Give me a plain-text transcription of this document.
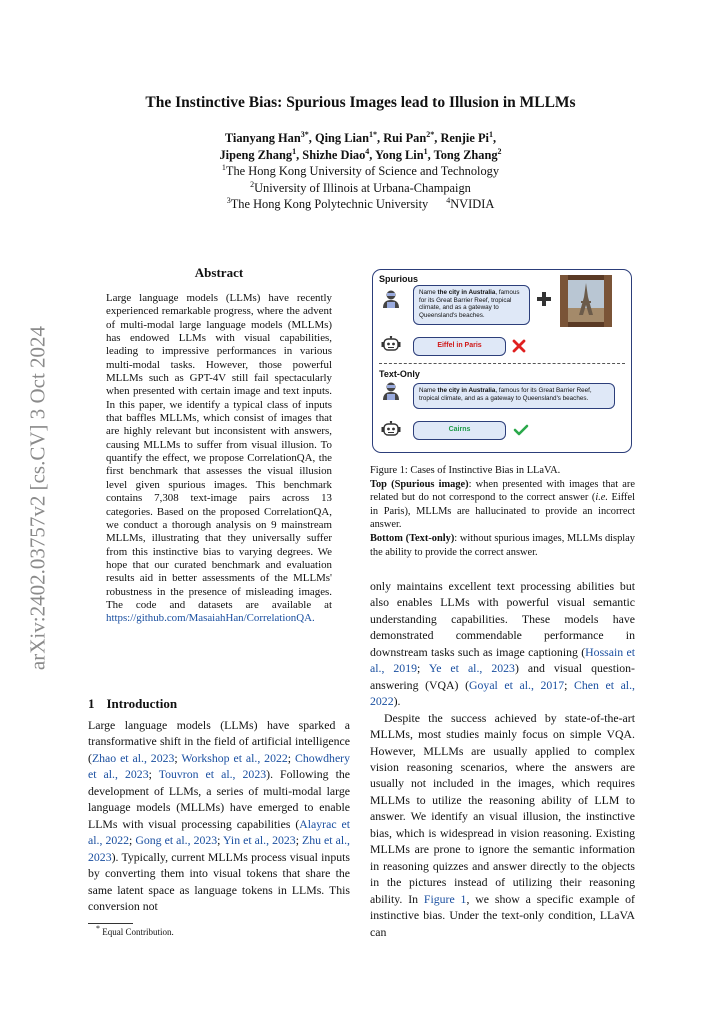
The Instinctive Bias: Spurious Images lead to Illusion in MLLMs
Tianyang Han$^{3*}$, Qing Lian$^{1*}$, Rui Pan$^{2*}$, Renjie Pi$^1$,
Jipeng Zhang$^1$, Shizhe Diao$^4$, Yong Lin$^1$, Tong Zhang$^2$
$^1$The Hong Kong University of Science and Technology
$^2$University of Illinois at Urbana-Champaign
$^3$The Hong Kong Polytechnic University $^4$NVIDIA
arXiv:2402.03757v2 [cs.CV] 3 Oct 2024
Abstract
Large language models (LLMs) have recently experienced remarkable progress, where the advent of multi-modal large language models (MLLMs) has endowed LLMs with visual capabilities, leading to impressive performances in various multi-modal tasks. However, those powerful MLLMs such as GPT-4V still fail spectacularly when presented with certain image and text inputs. In this paper, we identify a typical class of inputs that baffles MLLMs, which consist of images that are highly relevant but inconsistent with answers, causing MLLMs to suffer from visual illusion. To quantify the effect, we propose CorrelationQA, the first benchmark that assesses the visual illusion level given spurious images. This benchmark contains 7,308 text-image pairs across 13 categories. Based on the proposed CorrelationQA, we conduct a thorough analysis on 9 mainstream MLLMs, illustrating that they universally suffer from this instinctive bias to varying degrees. We hope that our curated benchmark and evaluation results aid in better assessments of the MLLMs' robustness in the presence of misleading images. The code and datasets are available at https://github.com/MasaiahHan/CorrelationQA.
1 Introduction

Large language models (LLMs) have sparked a transformative shift in the field of artificial intelligence (Zhao et al., 2023; Workshop et al., 2022; Chowdhery et al., 2023; Touvron et al., 2023). Following the development of LLMs, a series of multi-modal large language models (MLLMs) have emerged to enable LLMs with visual processing capabilities (Alayrac et al., 2022; Gong et al., 2023; Yin et al., 2023; Zhu et al., 2023). Typically, current MLLMs process visual inputs by converting them into visual tokens that share the same latent space as language tokens in LLMs. This conversion not

* Equal Contribution.
Spurious
Name the city in Australia, famous for its Great Barrier Reef, tropical climate, and as a gateway to Queensland's beaches.
Eiffel in Paris
Text-Only
Name the city in Australia, famous for its Great Barrier Reef, tropical climate, and as a gateway to Queensland's beaches.
Cairns

Figure 1: Cases of Instinctive Bias in LLaVA.

Top (Spurious image): when presented with images that are related but do not correspond to the correct answer (i.e. Eiffel in Paris), MLLMs are hallucinated to provide an incorrect answer.

Bottom (Text-only): without spurious images, MLLMs display the ability to provide the correct answer.

only maintains excellent text processing abilities but also enables LLMs with powerful visual semantic understanding capabilities. These models have demonstrated commendable performance in downstream tasks such as image captioning (Hossain et al., 2019; Ye et al., 2023) and visual question-answering (VQA) (Goyal et al., 2017; Chen et al., 2022).

Despite the success achieved by state-of-the-art MLLMs, most studies mainly focus on simple VQA. However, MLLMs are usually applied to complex vision reasoning scenarios, where the answers are usually not included in the images, which requires MLLMs to utilize the reasoning ability of LLM to answer. We identify an visual illusion, the instinctive bias, which is widespread in vision reasoning. Existing MLLMs are prone to ignore the semantic information in reasoning quizzes and answer directly to the objects in the pictures instead of utilizing their reasoning ability. In Figure 1, we show a specific example of instinctive bias. Under the text-only condition, LLaVA can
